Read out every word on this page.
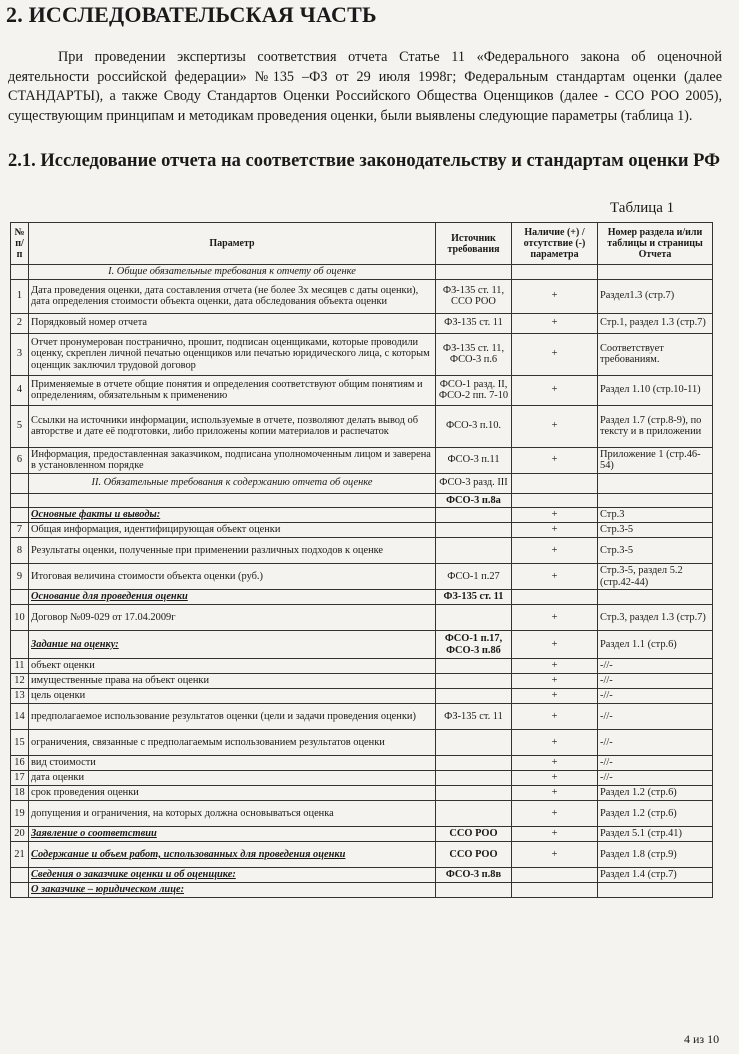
2. ИССЛЕДОВАТЕЛЬСКАЯ ЧАСТЬ
При проведении экспертизы соответствия отчета Статье 11 «Федерального закона об оценочной деятельности российской федерации» №135 –ФЗ от 29 июля 1998г; Федеральным стандартам оценки (далее СТАНДАРТЫ), а также Своду Стандартов Оценки Российского Общества Оценщиков (далее - ССО РОО 2005), существующим принципам и методикам проведения оценки, были выявлены следующие параметры (таблица 1).
2.1. Исследование отчета на соответствие законодательству и стандартам оценки РФ
Таблица 1
№ п/п	Параметр	Источник требования	Наличие (+) / отсутствие (-) параметра	Номер раздела и/или таблицы и страницы Отчета
	I. Общие обязательные требования к отчету об оценке			
1	Дата проведения оценки, дата составления отчета (не более 3х месяцев с даты оценки), дата определения стоимости объекта оценки, дата обследования объекта оценки	ФЗ-135 ст. 11, ССО РОО	+	Раздел1.3 (стр.7)
2	Порядковый номер отчета	ФЗ-135 ст. 11	+	Стр.1, раздел 1.3 (стр.7)
3	Отчет пронумерован постранично, прошит, подписан оценщиками, которые проводили оценку, скреплен личной печатью оценщиков или печатью юридического лица, с которым оценщик заключил трудовой договор	ФЗ-135 ст. 11, ФСО-3 п.6	+	Соответствует требованиям.
4	Применяемые в отчете общие понятия и определения соответствуют общим понятиям и определениям, обязательным к применению	ФСО-1 разд. II, ФСО-2 пп. 7-10	+	Раздел 1.10 (стр.10-11)
5	Ссылки на источники информации, используемые в отчете, позволяют делать вывод об авторстве и дате её подготовки, либо приложены копии материалов и распечаток	ФСО-3 п.10.	+	Раздел 1.7 (стр.8-9), по тексту и в приложении
6	Информация, предоставленная заказчиком, подписана уполномоченным лицом и заверена в установленном порядке	ФСО-3 п.11	+	Приложение 1 (стр.46-54)
	II. Обязательные требования к содержанию отчета об оценке	ФСО-3 разд. III		
		ФСО-3 п.8а		
	Основные факты и выводы:		+	Стр.3
7	Общая информация, идентифицирующая объект оценки		+	Стр.3-5
8	Результаты оценки, полученные при применении различных подходов к оценке		+	Стр.3-5
9	Итоговая величина стоимости объекта оценки (руб.)	ФСО-1 п.27	+	Стр.3-5, раздел 5.2 (стр.42-44)
	Основание для проведения оценки	ФЗ-135 ст. 11		
10	Договор №09-029 от 17.04.2009г		+	Стр.3, раздел 1.3 (стр.7)
	Задание на оценку:	ФСО-1 п.17, ФСО-3 п.8б	+	Раздел 1.1 (стр.6)
11	объект оценки		+	-//-
12	имущественные права на объект оценки		+	-//-
13	цель оценки		+	-//-
14	предполагаемое использование результатов оценки (цели и задачи проведения оценки)	ФЗ-135 ст. 11	+	-//-
15	ограничения, связанные с предполагаемым использованием результатов оценки		+	-//-
16	вид стоимости		+	-//-
17	дата оценки		+	-//-
18	срок проведения оценки		+	Раздел 1.2 (стр.6)
19	допущения и ограничения, на которых должна основываться оценка		+	Раздел 1.2 (стр.6)
20	Заявление о соответствии	ССО РОО	+	Раздел 5.1 (стр.41)
21	Содержание и объем работ, использованных для проведения оценки	ССО РОО	+	Раздел 1.8 (стр.9)
	Сведения о заказчике оценки и об оценщике:	ФСО-3 п.8в		Раздел 1.4 (стр.7)
	О заказчике – юридическом лице:			
4 из 10
